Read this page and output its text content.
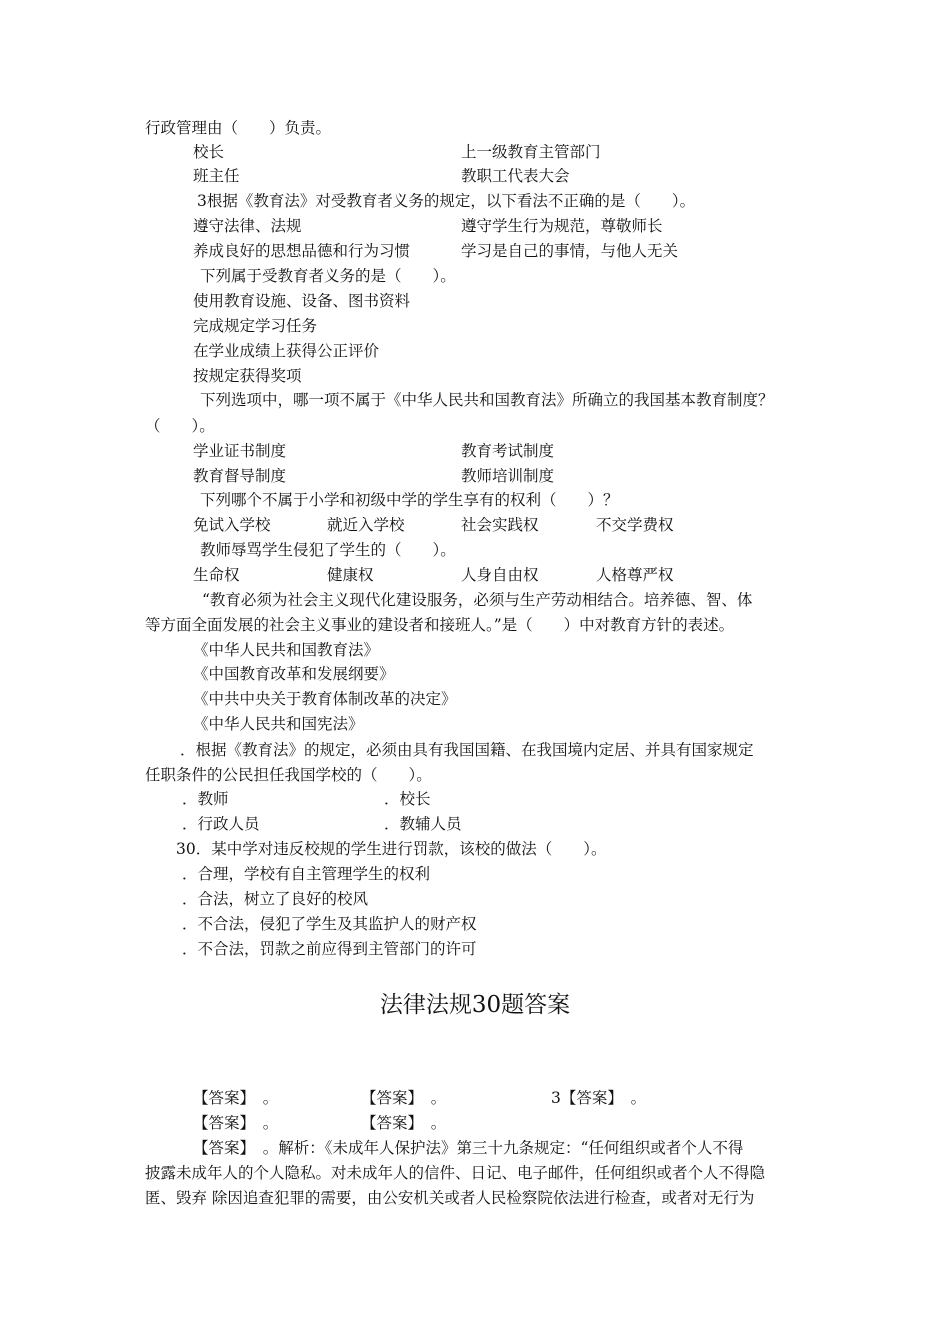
行政管理由（　　）负责。
校长	上一级教育主管部门
班主任	教职工代表大会
3根据《教育法》对受教育者义务的规定，以下看法不正确的是（　　）。
遵守法律、法规	遵守学生行为规范，尊敬师长
养成良好的思想品德和行为习惯	学习是自己的事情，与他人无关
下列属于受教育者义务的是（　　）。
使用教育设施、设备、图书资料
完成规定学习任务
在学业成绩上获得公正评价
按规定获得奖项
下列选项中，哪一项不属于《中华人民共和国教育法》所确立的我国基本教育制度？
（　　）。
学业证书制度	教育考试制度
教育督导制度	教师培训制度
下列哪个不属于小学和初级中学的学生享有的权利（　　）？
免试入学校	就近入学校	社会实践权	不交学费权
教师辱骂学生侵犯了学生的（　　）。
生命权	健康权	人身自由权	人格尊严权
“教育必须为社会主义现代化建设服务，必须与生产劳动相结合。培养德、智、体
等方面全面发展的社会主义事业的建设者和接班人。”是（　　）中对教育方针的表述。
《中华人民共和国教育法》
《中国教育改革和发展纲要》
《中共中央关于教育体制改革的决定》
《中华人民共和国宪法》
．根据《教育法》的规定，必须由具有我国国籍、在我国境内定居、并具有国家规定
任职条件的公民担任我国学校的（　　）。
．教师	．校长
．行政人员	．教辅人员
30．某中学对违反校规的学生进行罚款，该校的做法（　　）。
．合理，学校有自主管理学生的权利
．合法，树立了良好的校风
．不合法，侵犯了学生及其监护人的财产权
．不合法，罚款之前应得到主管部门的许可
法律法规30题答案
【答案】　。	【答案】　。	3【答案】　。
【答案】　。	【答案】　。
【答案】　。解析：《未成年人保护法》第三十九条规定：“任何组织或者个人不得
披露未成年人的个人隐私。对未成年人的信件、日记、电子邮件，任何组织或者个人不得隐
匿、毁弃 除因追查犯罪的需要，由公安机关或者人民检察院依法进行检查，或者对无行为
